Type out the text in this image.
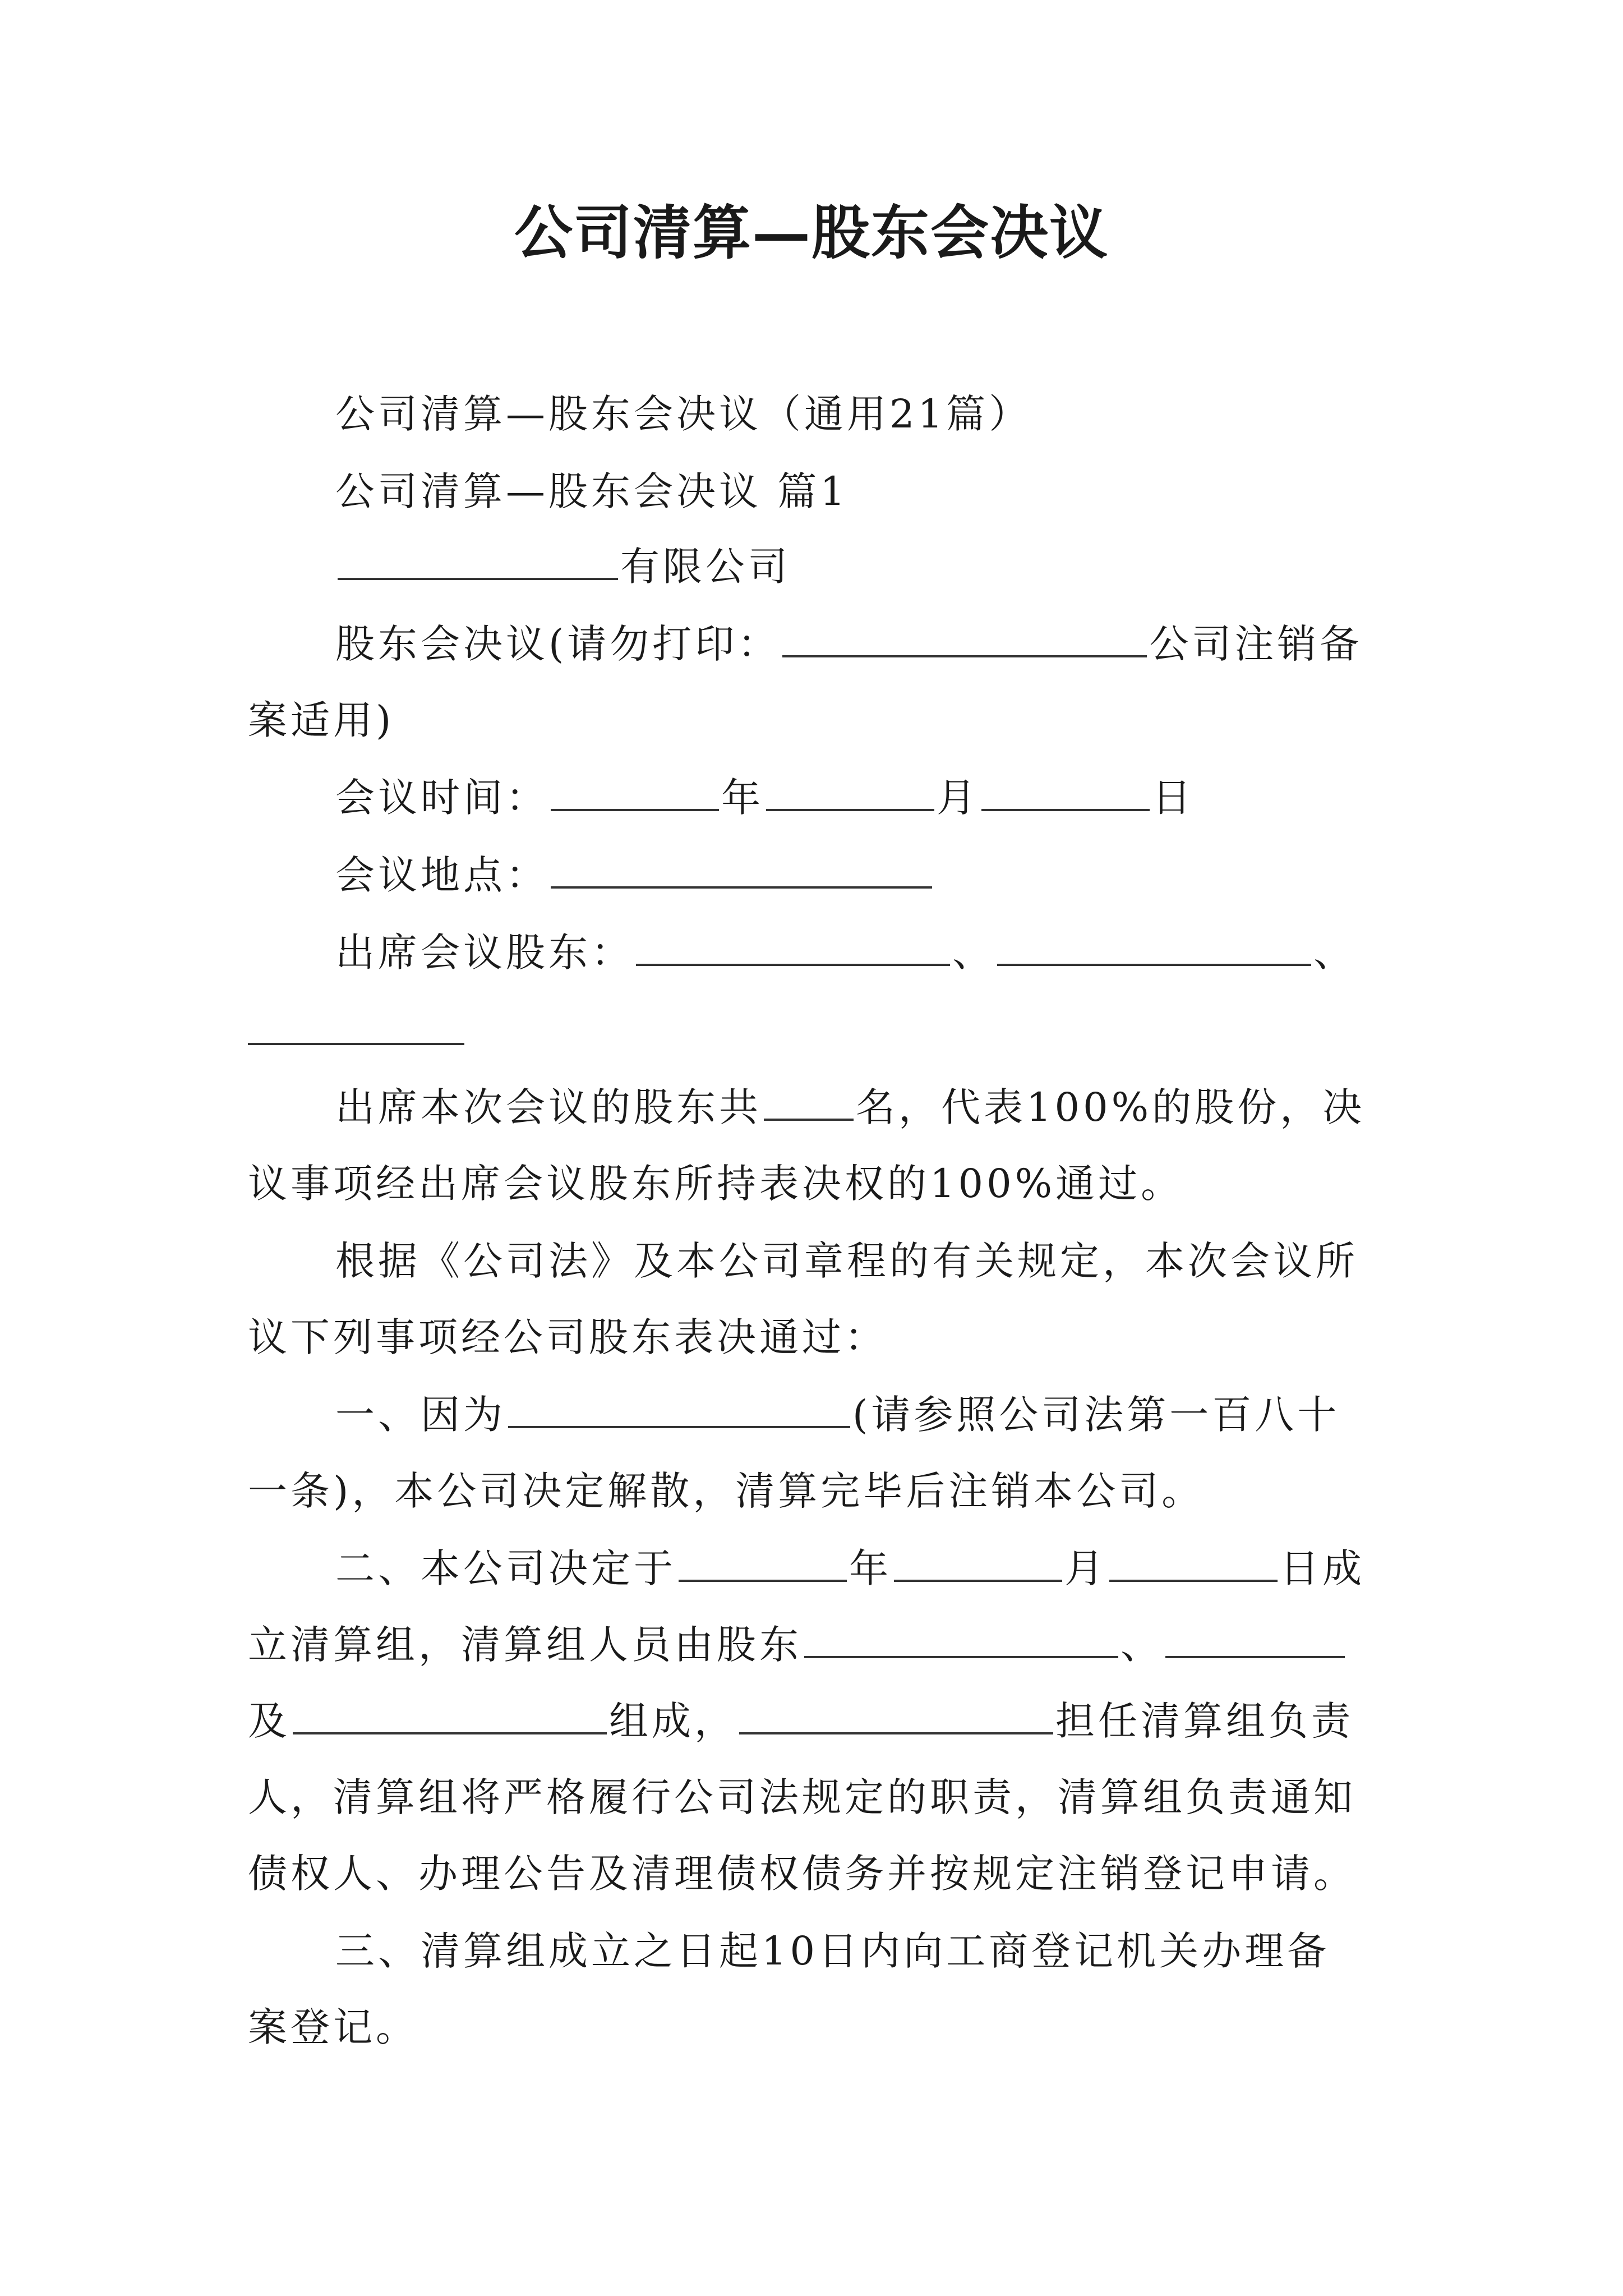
公司清算—股东会决议
公司清算—股东会决议（通用21篇）
公司清算—股东会决议 篇1
有限公司
股东会决议(请勿打印：	公司注销备
案适用)
会议时间：	年	月	日
会议地点：
出席会议股东：	、	、
出席本次会议的股东共 名，代表100%的股份，决
议事项经出席会议股东所持表决权的100%通过。
根据《公司法》及本公司章程的有关规定，本次会议所
议下列事项经公司股东表决通过：
一、因为	(请参照公司法第一百八十
一条)，本公司决定解散，清算完毕后注销本公司。
二、本公司决定于	年	月	日成
立清算组，清算组人员由股东	、
及	组成，	担任清算组负责
人，清算组将严格履行公司法规定的职责，清算组负责通知
债权人、办理公告及清理债权债务并按规定注销登记申请。
三、清算组成立之日起10日内向工商登记机关办理备
案登记。
